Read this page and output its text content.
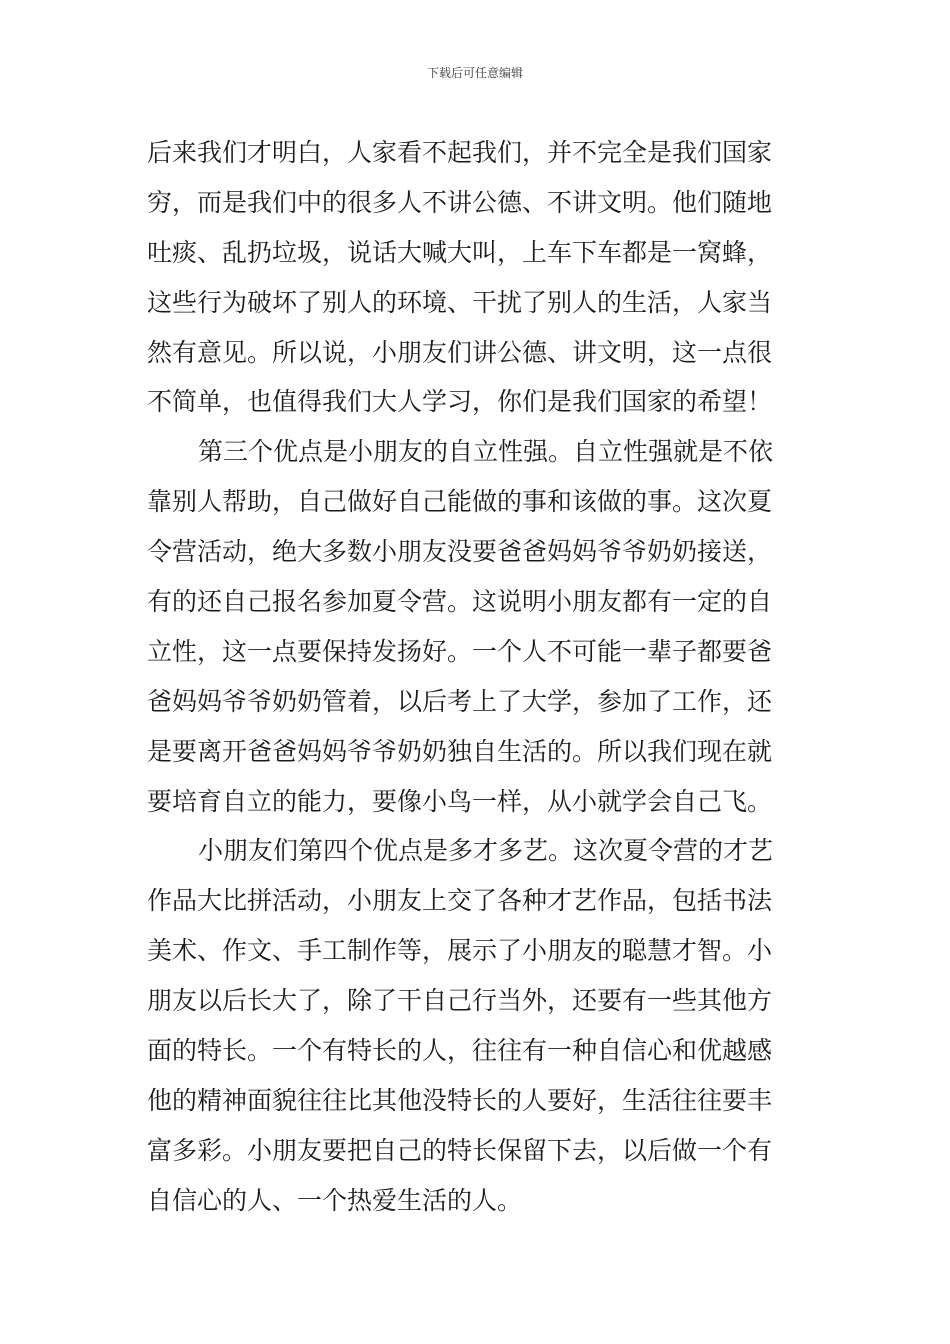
下载后可任意编辑
后来我们才明白，人家看不起我们，并不完全是我们国家
穷，而是我们中的很多人不讲公德、不讲文明。他们随地
吐痰、乱扔垃圾，说话大喊大叫，上车下车都是一窝蜂，
这些行为破坏了别人的环境、干扰了别人的生活，人家当
然有意见。所以说，小朋友们讲公德、讲文明，这一点很
不简单，也值得我们大人学习，你们是我们国家的希望！
第三个优点是小朋友的自立性强。自立性强就是不依
靠别人帮助，自己做好自己能做的事和该做的事。这次夏
令营活动，绝大多数小朋友没要爸爸妈妈爷爷奶奶接送，
有的还自己报名参加夏令营。这说明小朋友都有一定的自
立性，这一点要保持发扬好。一个人不可能一辈子都要爸
爸妈妈爷爷奶奶管着，以后考上了大学，参加了工作，还
是要离开爸爸妈妈爷爷奶奶独自生活的。所以我们现在就
要培育自立的能力，要像小鸟一样，从小就学会自己飞。
小朋友们第四个优点是多才多艺。这次夏令营的才艺
作品大比拼活动，小朋友上交了各种才艺作品，包括书法
美术、作文、手工制作等，展示了小朋友的聪慧才智。小
朋友以后长大了，除了干自己行当外，还要有一些其他方
面的特长。一个有特长的人，往往有一种自信心和优越感
他的精神面貌往往比其他没特长的人要好，生活往往要丰
富多彩。小朋友要把自己的特长保留下去，以后做一个有
自信心的人、一个热爱生活的人。
